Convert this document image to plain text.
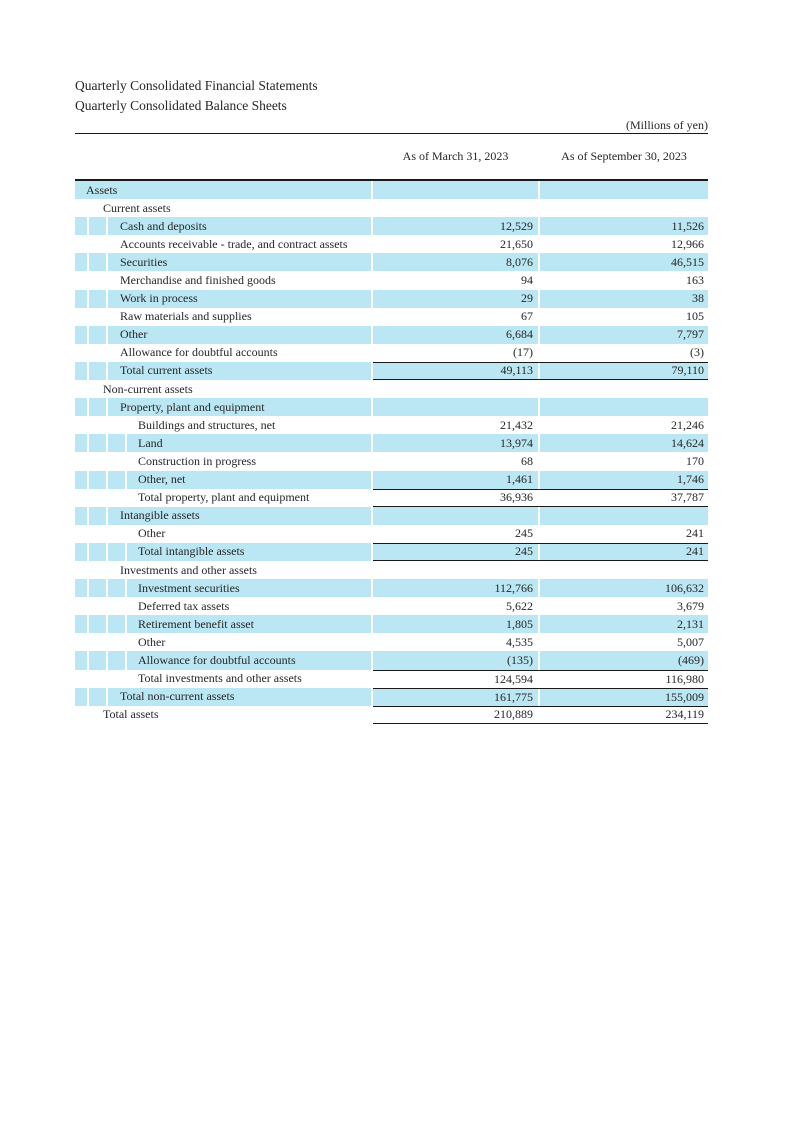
Quarterly Consolidated Financial Statements
Quarterly Consolidated Balance Sheets
(Millions of yen)
As of March 31, 2023	As of September 30, 2023
Assets
Current assets
Cash and deposits	12,529	11,526
Accounts receivable - trade, and contract assets	21,650	12,966
Securities	8,076	46,515
Merchandise and finished goods	94	163
Work in process	29	38
Raw materials and supplies	67	105
Other	6,684	7,797
Allowance for doubtful accounts	(17)	(3)
Total current assets	49,113	79,110
Non-current assets
Property, plant and equipment
Buildings and structures, net	21,432	21,246
Land	13,974	14,624
Construction in progress	68	170
Other, net	1,461	1,746
Total property, plant and equipment	36,936	37,787
Intangible assets
Other	245	241
Total intangible assets	245	241
Investments and other assets
Investment securities	112,766	106,632
Deferred tax assets	5,622	3,679
Retirement benefit asset	1,805	2,131
Other	4,535	5,007
Allowance for doubtful accounts	(135)	(469)
Total investments and other assets	124,594	116,980
Total non-current assets	161,775	155,009
Total assets	210,889	234,119
